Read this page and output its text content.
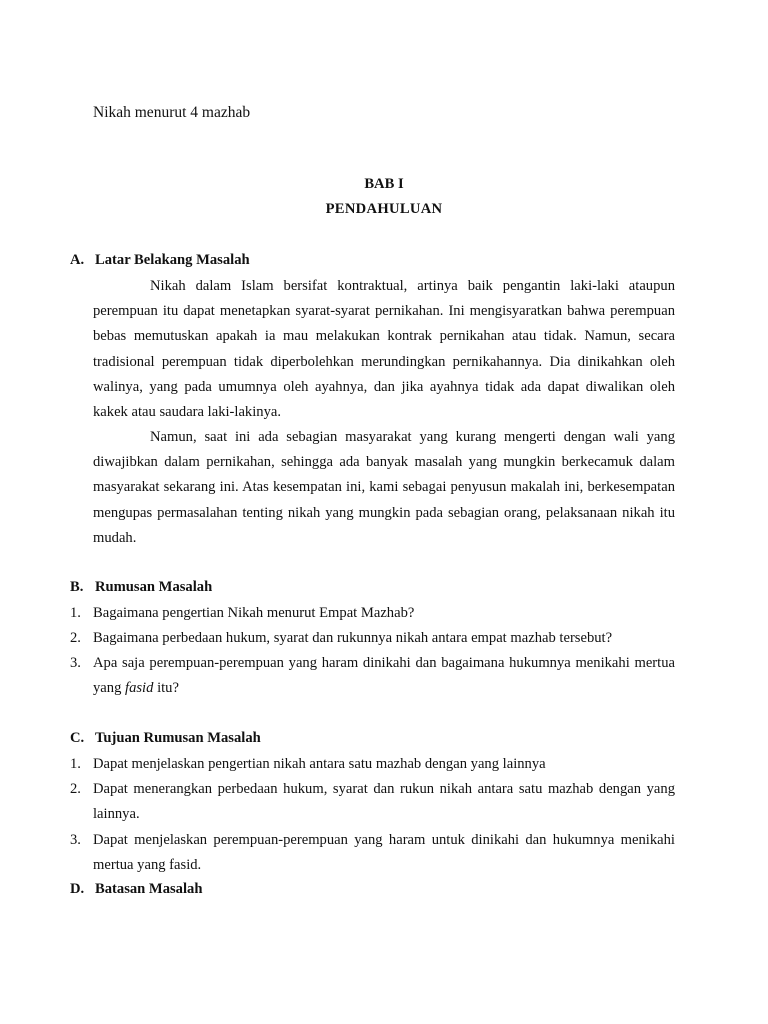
Nikah menurut 4 mazhab
BAB I
PENDAHULUAN
A. Latar Belakang Masalah
Nikah dalam Islam bersifat kontraktual, artinya baik pengantin laki-laki ataupun perempuan itu dapat menetapkan syarat-syarat pernikahan. Ini mengisyaratkan bahwa perempuan bebas memutuskan apakah ia mau melakukan kontrak pernikahan atau tidak. Namun, secara tradisional perempuan tidak diperbolehkan merundingkan pernikahannya. Dia dinikahkan oleh walinya, yang pada umumnya oleh ayahnya, dan jika ayahnya tidak ada dapat diwalikan oleh kakek atau saudara laki-lakinya.
Namun, saat ini ada sebagian masyarakat yang kurang mengerti dengan wali yang diwajibkan dalam pernikahan, sehingga ada banyak masalah yang mungkin berkecamuk dalam masyarakat sekarang ini. Atas kesempatan ini, kami sebagai penyusun makalah ini, berkesempatan mengupas permasalahan tenting nikah yang mungkin pada sebagian orang, pelaksanaan nikah itu mudah.
B. Rumusan Masalah
1. Bagaimana pengertian Nikah menurut Empat Mazhab?
2. Bagaimana perbedaan hukum, syarat dan rukunnya nikah antara empat mazhab tersebut?
3. Apa saja perempuan-perempuan yang haram dinikahi dan bagaimana hukumnya menikahi mertua yang fasid itu?
C. Tujuan Rumusan Masalah
1. Dapat menjelaskan pengertian nikah antara satu mazhab dengan yang lainnya
2. Dapat menerangkan perbedaan hukum, syarat dan rukun nikah antara satu mazhab dengan yang lainnya.
3. Dapat menjelaskan perempuan-perempuan yang haram untuk dinikahi dan hukumnya menikahi mertua yang fasid.
D. Batasan Masalah
